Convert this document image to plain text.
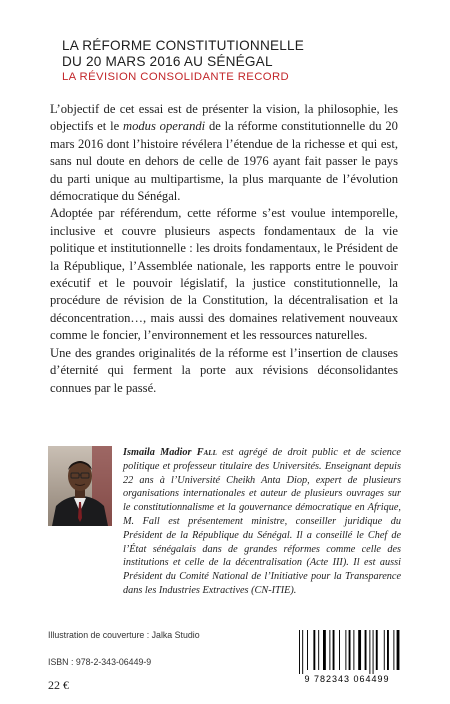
LA RÉFORME CONSTITUTIONNELLE
DU 20 MARS 2016 AU SÉNÉGAL
LA RÉVISION CONSOLIDANTE RECORD

L’objectif de cet essai est de présenter la vision, la philosophie, les objectifs et le modus operandi de la réforme constitutionnelle du 20 mars 2016 dont l’histoire révélera l’étendue de la richesse et qui est, sans nul doute en dehors de celle de 1976 ayant fait passer le pays du parti unique au multipartisme, la plus marquante de l’évolution démocratique du Sénégal.

Adoptée par référendum, cette réforme s’est voulue intemporelle, inclusive et couvre plusieurs aspects fondamentaux de la vie politique et institutionnelle : les droits fondamentaux, le Président de la République, l’Assemblée nationale, les rapports entre le pouvoir exécutif et le pouvoir législatif, la justice constitutionnelle, la procédure de révision de la Constitution, la décentralisation et la déconcentration…, mais aussi des domaines relativement nouveaux comme le foncier, l’environnement et les ressources naturelles.

Une des grandes originalités de la réforme est l’insertion de clauses d’éternité qui ferment la porte aux révisions déconsolidantes connues par le passé.

Ismaila Madior Fall est agrégé de droit public et de science politique et professeur titulaire des Universités. Enseignant depuis 22 ans à l’Université Cheikh Anta Diop, expert de plusieurs organisations internationales et auteur de plusieurs ouvrages sur le constitutionnalisme et la gouvernance démocratique en Afrique, M. Fall est présentement ministre, conseiller juridique du Président de la République du Sénégal. Il a conseillé le Chef de l’État sénégalais dans de grandes réformes comme celle des institutions et celle de la décentralisation (Acte III). Il est aussi Président du Comité National de l’Initiative pour la Transparence dans les Industries Extractives (CN-ITIE).
Illustration de couverture : Jalka Studio
ISBN : 978-2-343-06449-9
22 €	9 782343 064499
